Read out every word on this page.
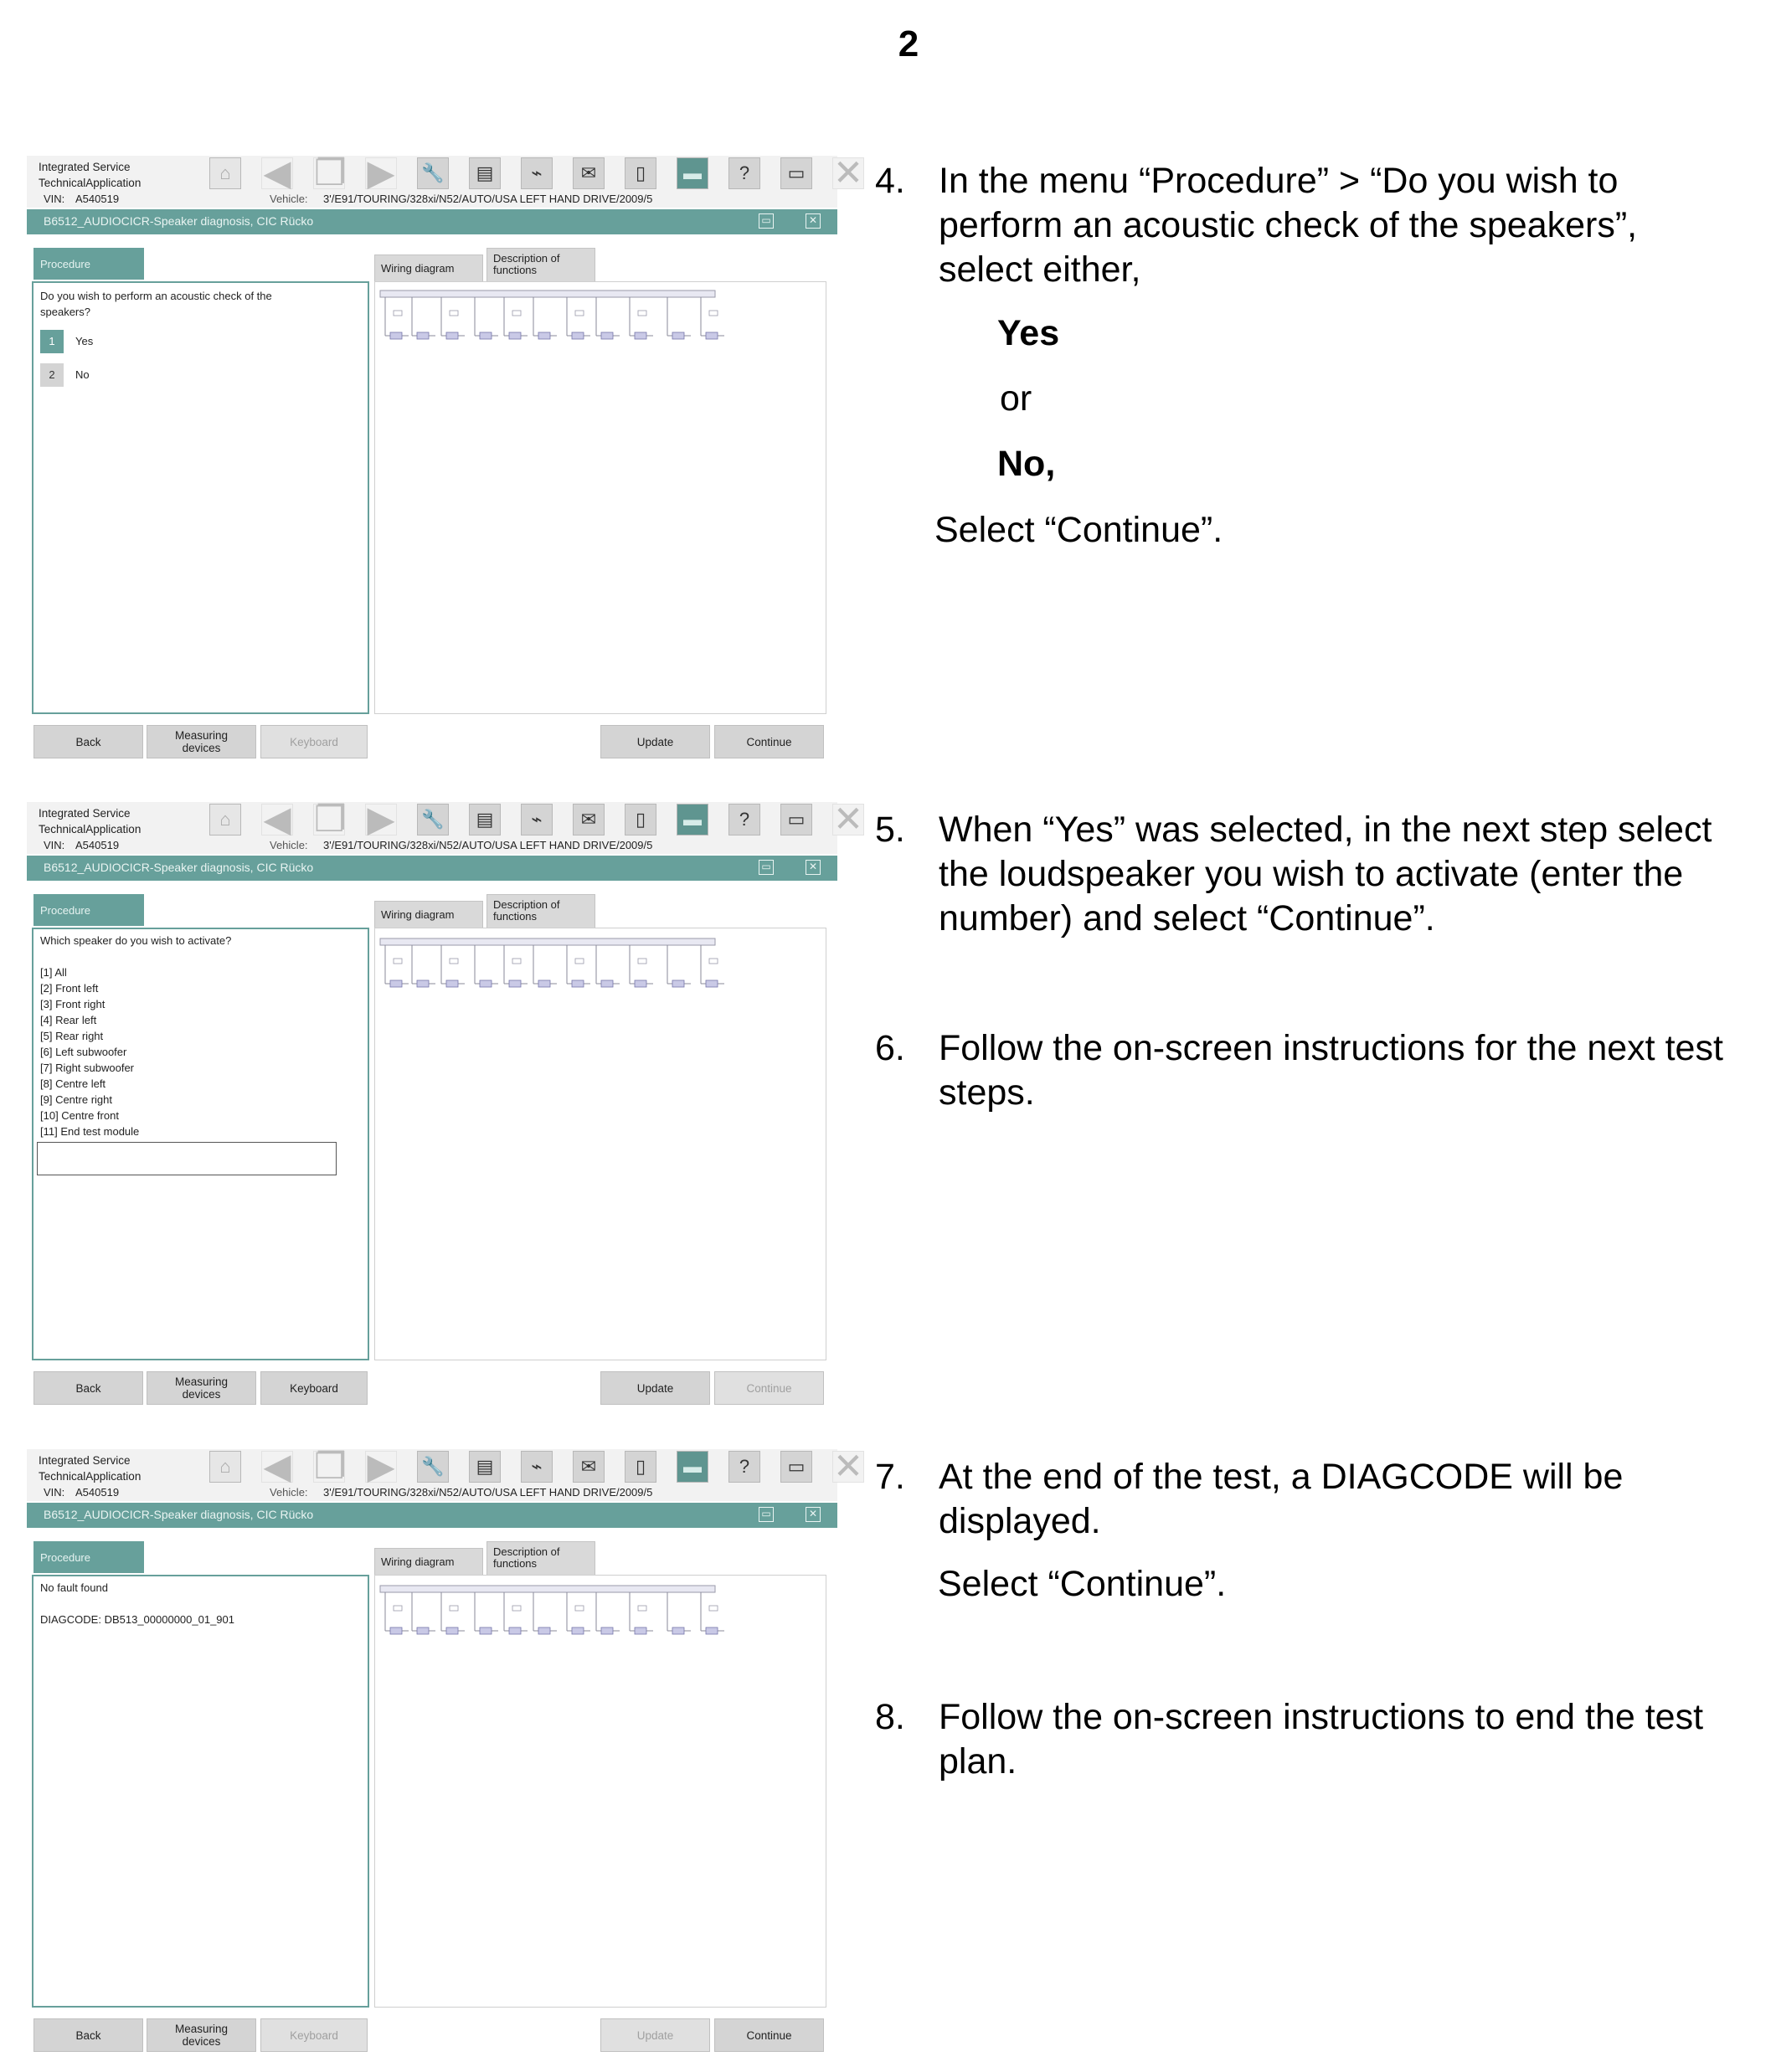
2
Integrated Service
TechnicalApplication	⌂ ◀ ❐ ▶ 🔧	▤	⌁	✉	▯	▬	?	▭ ✕
VIN: A540519	Vehicle: 3'/E91/TOURING/328xi/N52/AUTO/USA LEFT HAND DRIVE/2009/5
B6512_AUDIOCICR-Speaker diagnosis, CIC Rücko	▭	✕
Procedure	Wiring diagram
Description of
functions
Do you wish to perform an acoustic check of the
speakers?
1	Yes
2	No
Back	Measuring
devices	Keyboard	Update	Continue
Integrated Service
TechnicalApplication	⌂ ◀ ❐ ▶ 🔧	▤	⌁	✉	▯	▬	?	▭ ✕
VIN: A540519	Vehicle: 3'/E91/TOURING/328xi/N52/AUTO/USA LEFT HAND DRIVE/2009/5
B6512_AUDIOCICR-Speaker diagnosis, CIC Rücko	▭	✕
Procedure	Wiring diagram
Description of
functions
Which speaker do you wish to activate?
[1] All
[2] Front left
[3] Front right
[4] Rear left
[5] Rear right
[6] Left subwoofer
[7] Right subwoofer
[8] Centre left
[9] Centre right
[10] Centre front
[11] End test module
Back	Measuring
devices	Keyboard	Update	Continue
Integrated Service
TechnicalApplication	⌂ ◀ ❐ ▶ 🔧	▤	⌁	✉	▯	▬	?	▭ ✕
VIN: A540519	Vehicle: 3'/E91/TOURING/328xi/N52/AUTO/USA LEFT HAND DRIVE/2009/5
B6512_AUDIOCICR-Speaker diagnosis, CIC Rücko	▭	✕
Procedure	Wiring diagram
Description of
functions
No fault found
DIAGCODE: DB513_00000000_01_901
Back	Measuring
devices	Keyboard	Update	Continue
4. In the menu “Procedure” > “Do you wish to
perform an acoustic check of the speakers”,
select either,
Yes
or
No,
Select “Continue”.
5. When “Yes” was selected, in the next step select
the loudspeaker you wish to activate (enter the
number) and select “Continue”.
6. Follow the on-screen instructions for the next test
steps.
7. At the end of the test, a DIAGCODE will be
displayed.
Select “Continue”.
8. Follow the on-screen instructions to end the test
plan.
